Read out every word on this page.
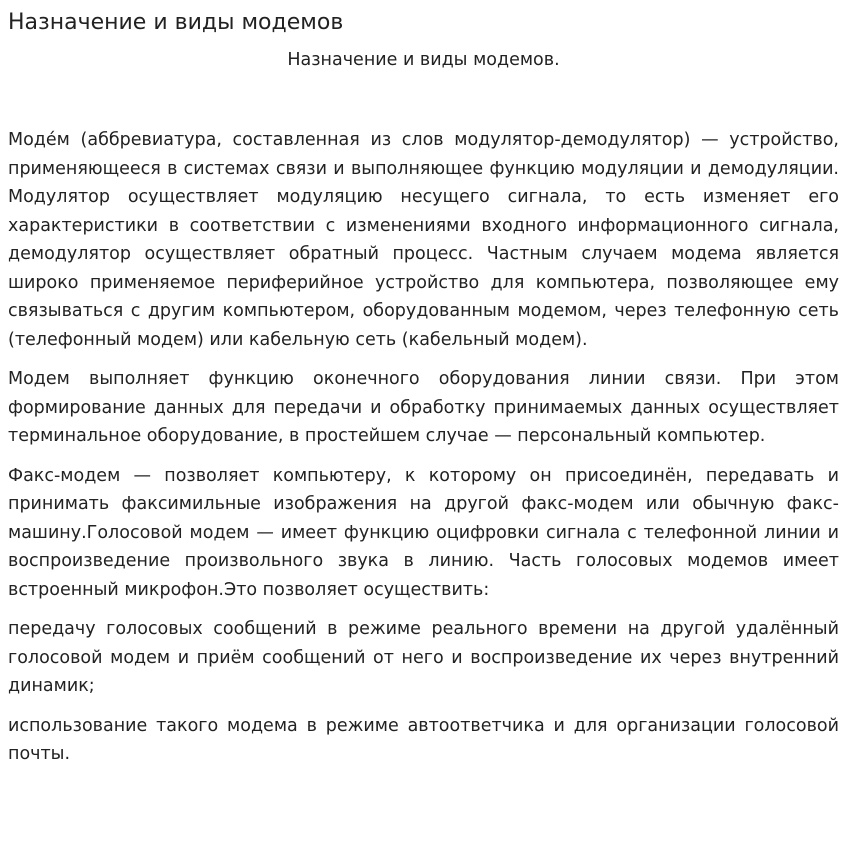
Назначение и виды модемов
Назначение и виды модемов.

Моде́м (аббревиатура, составленная из слов модулятор-демодулятор) — устройство, применяющееся в системах связи и выполняющее функцию модуляции и демодуляции. Модулятор осуществляет модуляцию несущего сигнала, то есть изменяет его характеристики в соответствии с изменениями входного информационного сигнала, демодулятор осуществляет обратный процесс. Частным случаем модема является широко применяемое периферийное устройство для компьютера, позволяющее ему связываться с другим компьютером, оборудованным модемом, через телефонную сеть (телефонный модем) или кабельную сеть (кабельный модем).

Модем выполняет функцию оконечного оборудования линии связи. При этом формирование данных для передачи и обработку принимаемых данных осуществляет терминальное оборудование, в простейшем случае — персональный компьютер.

Факс-модем — позволяет компьютеру, к которому он присоединён, передавать и принимать факсимильные изображения на другой факс-модем или обычную факс-машину.Голосовой модем — имеет функцию оцифровки сигнала с телефонной линии и воспроизведение произвольного звука в линию. Часть голосовых модемов имеет встроенный микрофон.Это позволяет осуществить:

передачу голосовых сообщений в режиме реального времени на другой удалённый голосовой модем и приём сообщений от него и воспроизведение их через внутренний динамик;

использование такого модема в режиме автоответчика и для организации голосовой почты.
